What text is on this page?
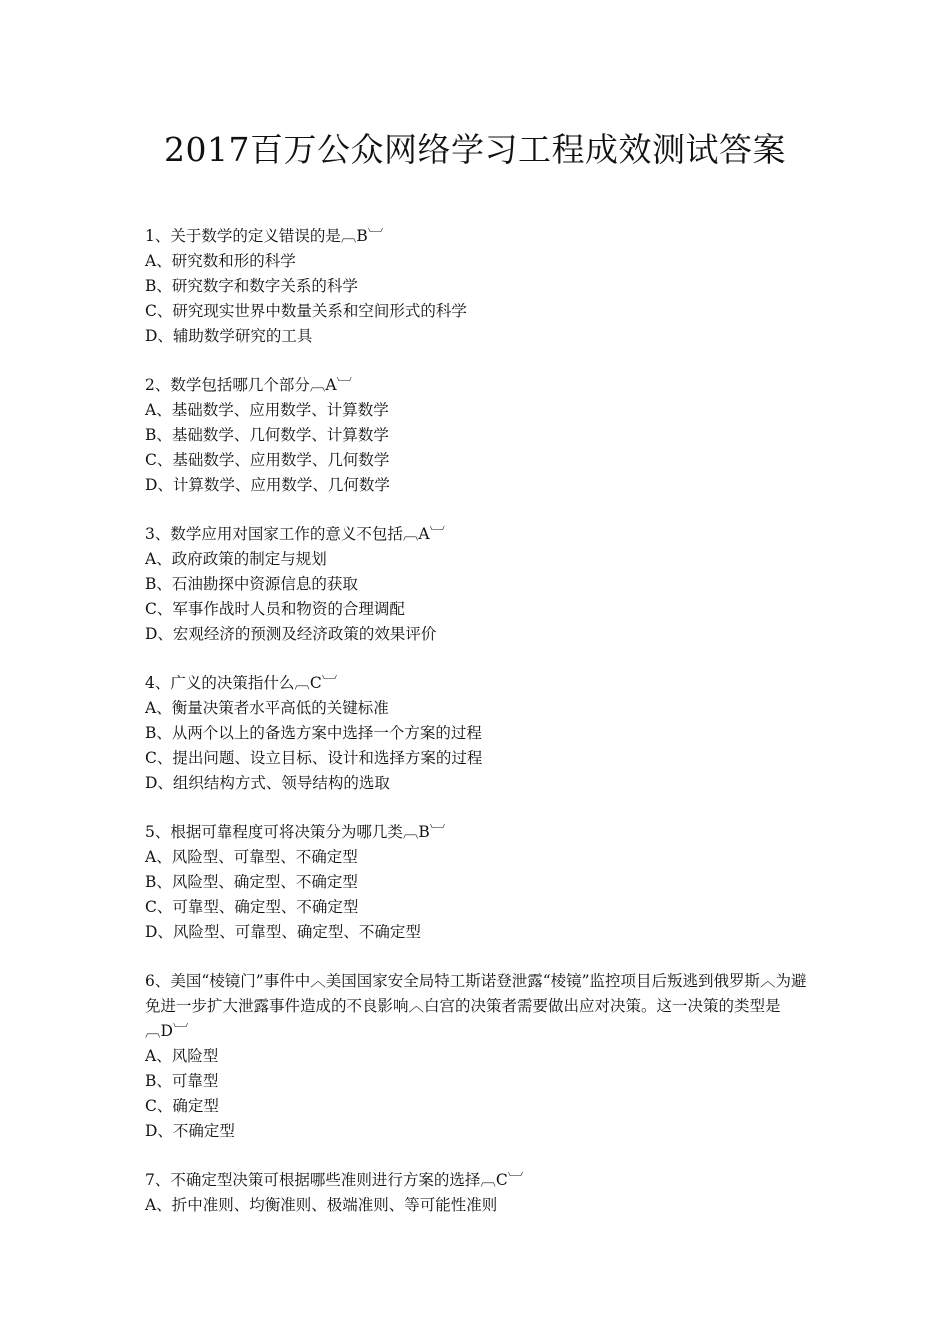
2017百万公众网络学习工程成效测试答案
1、关于数学的定义错误的是︹B︺
A、研究数和形的科学
B、研究数字和数字关系的科学
C、研究现实世界中数量关系和空间形式的科学
D、辅助数学研究的工具
2、数学包括哪几个部分︹A︺
A、基础数学、应用数学、计算数学
B、基础数学、几何数学、计算数学
C、基础数学、应用数学、几何数学
D、计算数学、应用数学、几何数学
3、数学应用对国家工作的意义不包括︹A︺
A、政府政策的制定与规划
B、石油勘探中资源信息的获取
C、军事作战时人员和物资的合理调配
D、宏观经济的预测及经济政策的效果评价
4、广义的决策指什么︹C︺
A、衡量决策者水平高低的关键标准
B、从两个以上的备选方案中选择一个方案的过程
C、提出问题、设立目标、设计和选择方案的过程
D、组织结构方式、领导结构的选取
5、根据可靠程度可将决策分为哪几类︹B︺
A、风险型、可靠型、不确定型
B、风险型、确定型、不确定型
C、可靠型、确定型、不确定型
D、风险型、可靠型、确定型、不确定型
6、美国“棱镜门”事件中︿美国国家安全局特工斯诺登泄露“棱镜”监控项目后叛逃到俄罗斯︿为避免进一步扩大泄露事件造成的不良影响︿白宫的决策者需要做出应对决策。这一决策的类型是︹D︺
A、风险型
B、可靠型
C、确定型
D、不确定型
7、不确定型决策可根据哪些准则进行方案的选择︹C︺
A、折中准则、均衡准则、极端准则、等可能性准则
